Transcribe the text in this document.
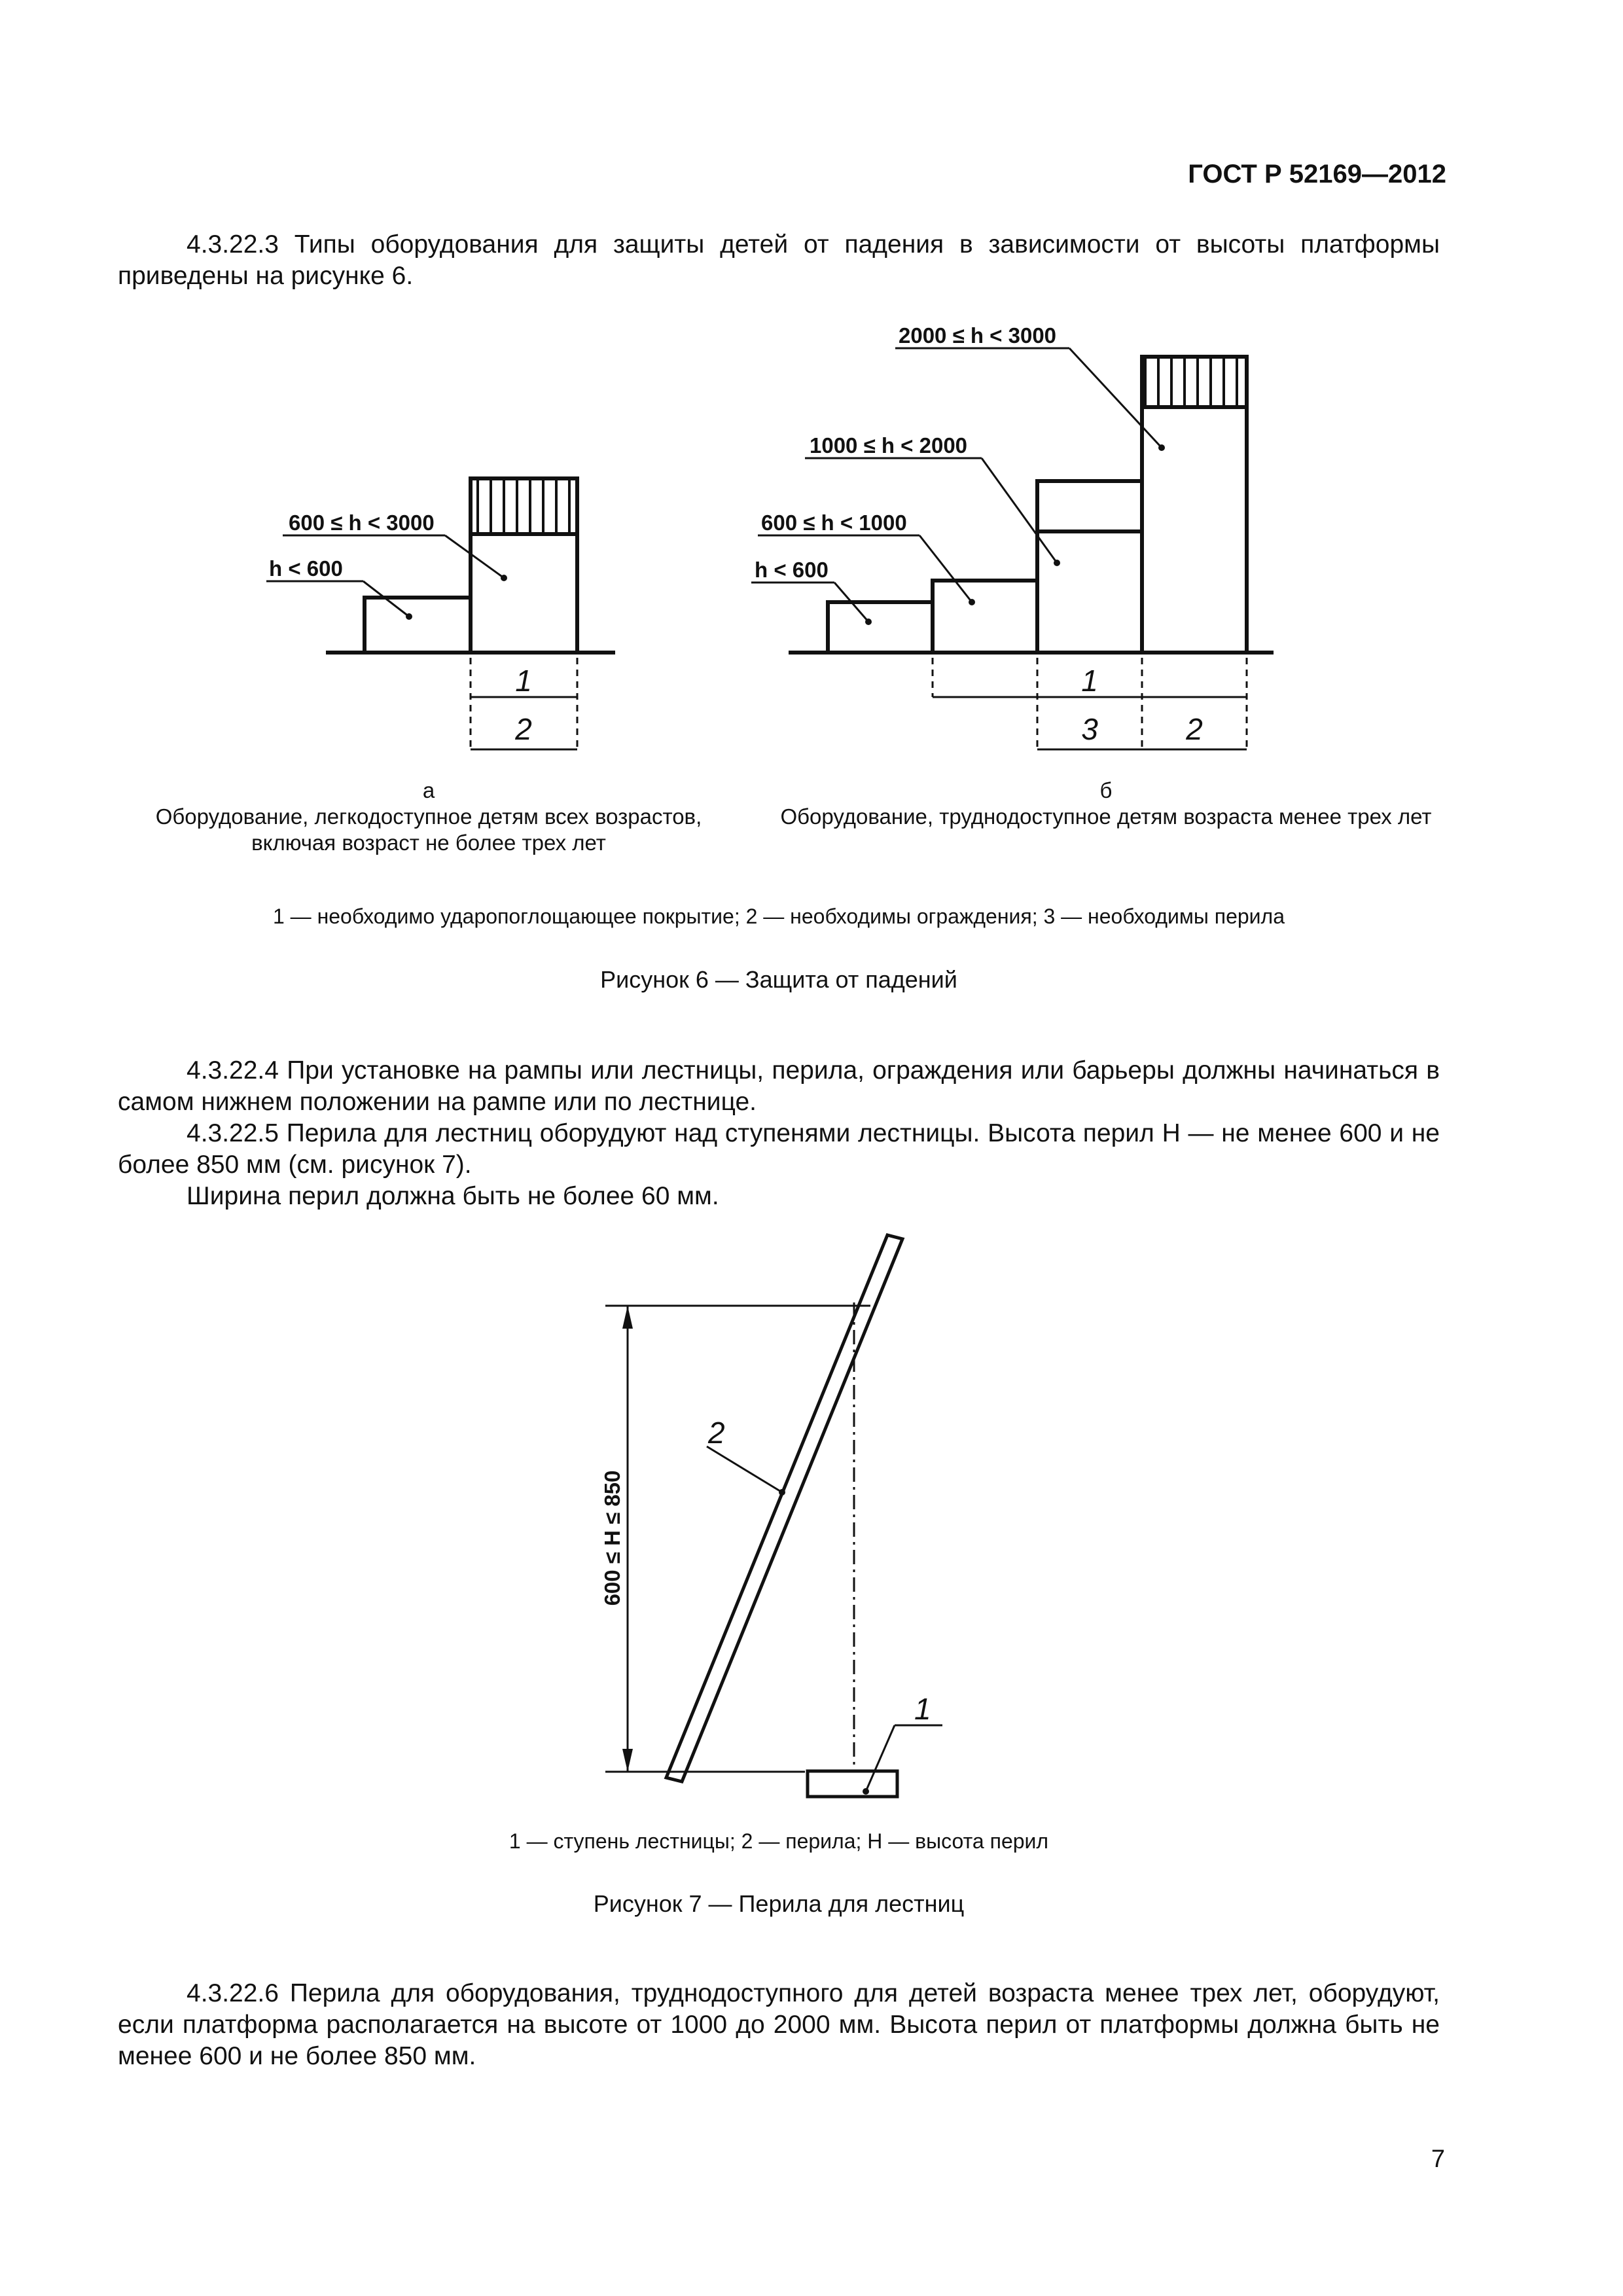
ГОСТ Р 52169—2012

4.3.22.3 Типы оборудования для защиты детей от падения в зависимости от высоты платформы приведены на рисунке 6.

600 ≤ h < 3000
h < 600
2000 ≤ h < 3000
1000 ≤ h < 2000
600 ≤ h < 1000
h < 600
1
2
1
3	2
а
Оборудование, легкодоступное детям всех возрастов, включая возраст не более трех лет
б
Оборудование, труднодоступное детям возраста менее трех лет
1 — необходимо ударопоглощающее покрытие; 2 — необходимы ограждения; 3 — необходимы перила
Рисунок 6 — Защита от падений

4.3.22.4 При установке на рампы или лестницы, перила, ограждения или барьеры должны начинаться в самом нижнем положении на рампе или по лестнице.

4.3.22.5 Перила для лестниц оборудуют над ступенями лестницы. Высота перил H — не менее 600 и не более 850 мм (см. рисунок 7).

Ширина перил должна быть не более 60 мм.

600 ≤ H ≤ 850
2
1
1 — ступень лестницы; 2 — перила; H — высота перил
Рисунок 7 — Перила для лестниц

4.3.22.6 Перила для оборудования, труднодоступного для детей возраста менее трех лет, оборудуют, если платформа располагается на высоте от 1000 до 2000 мм. Высота перил от платформы должна быть не менее 600 и не более 850 мм.

7
